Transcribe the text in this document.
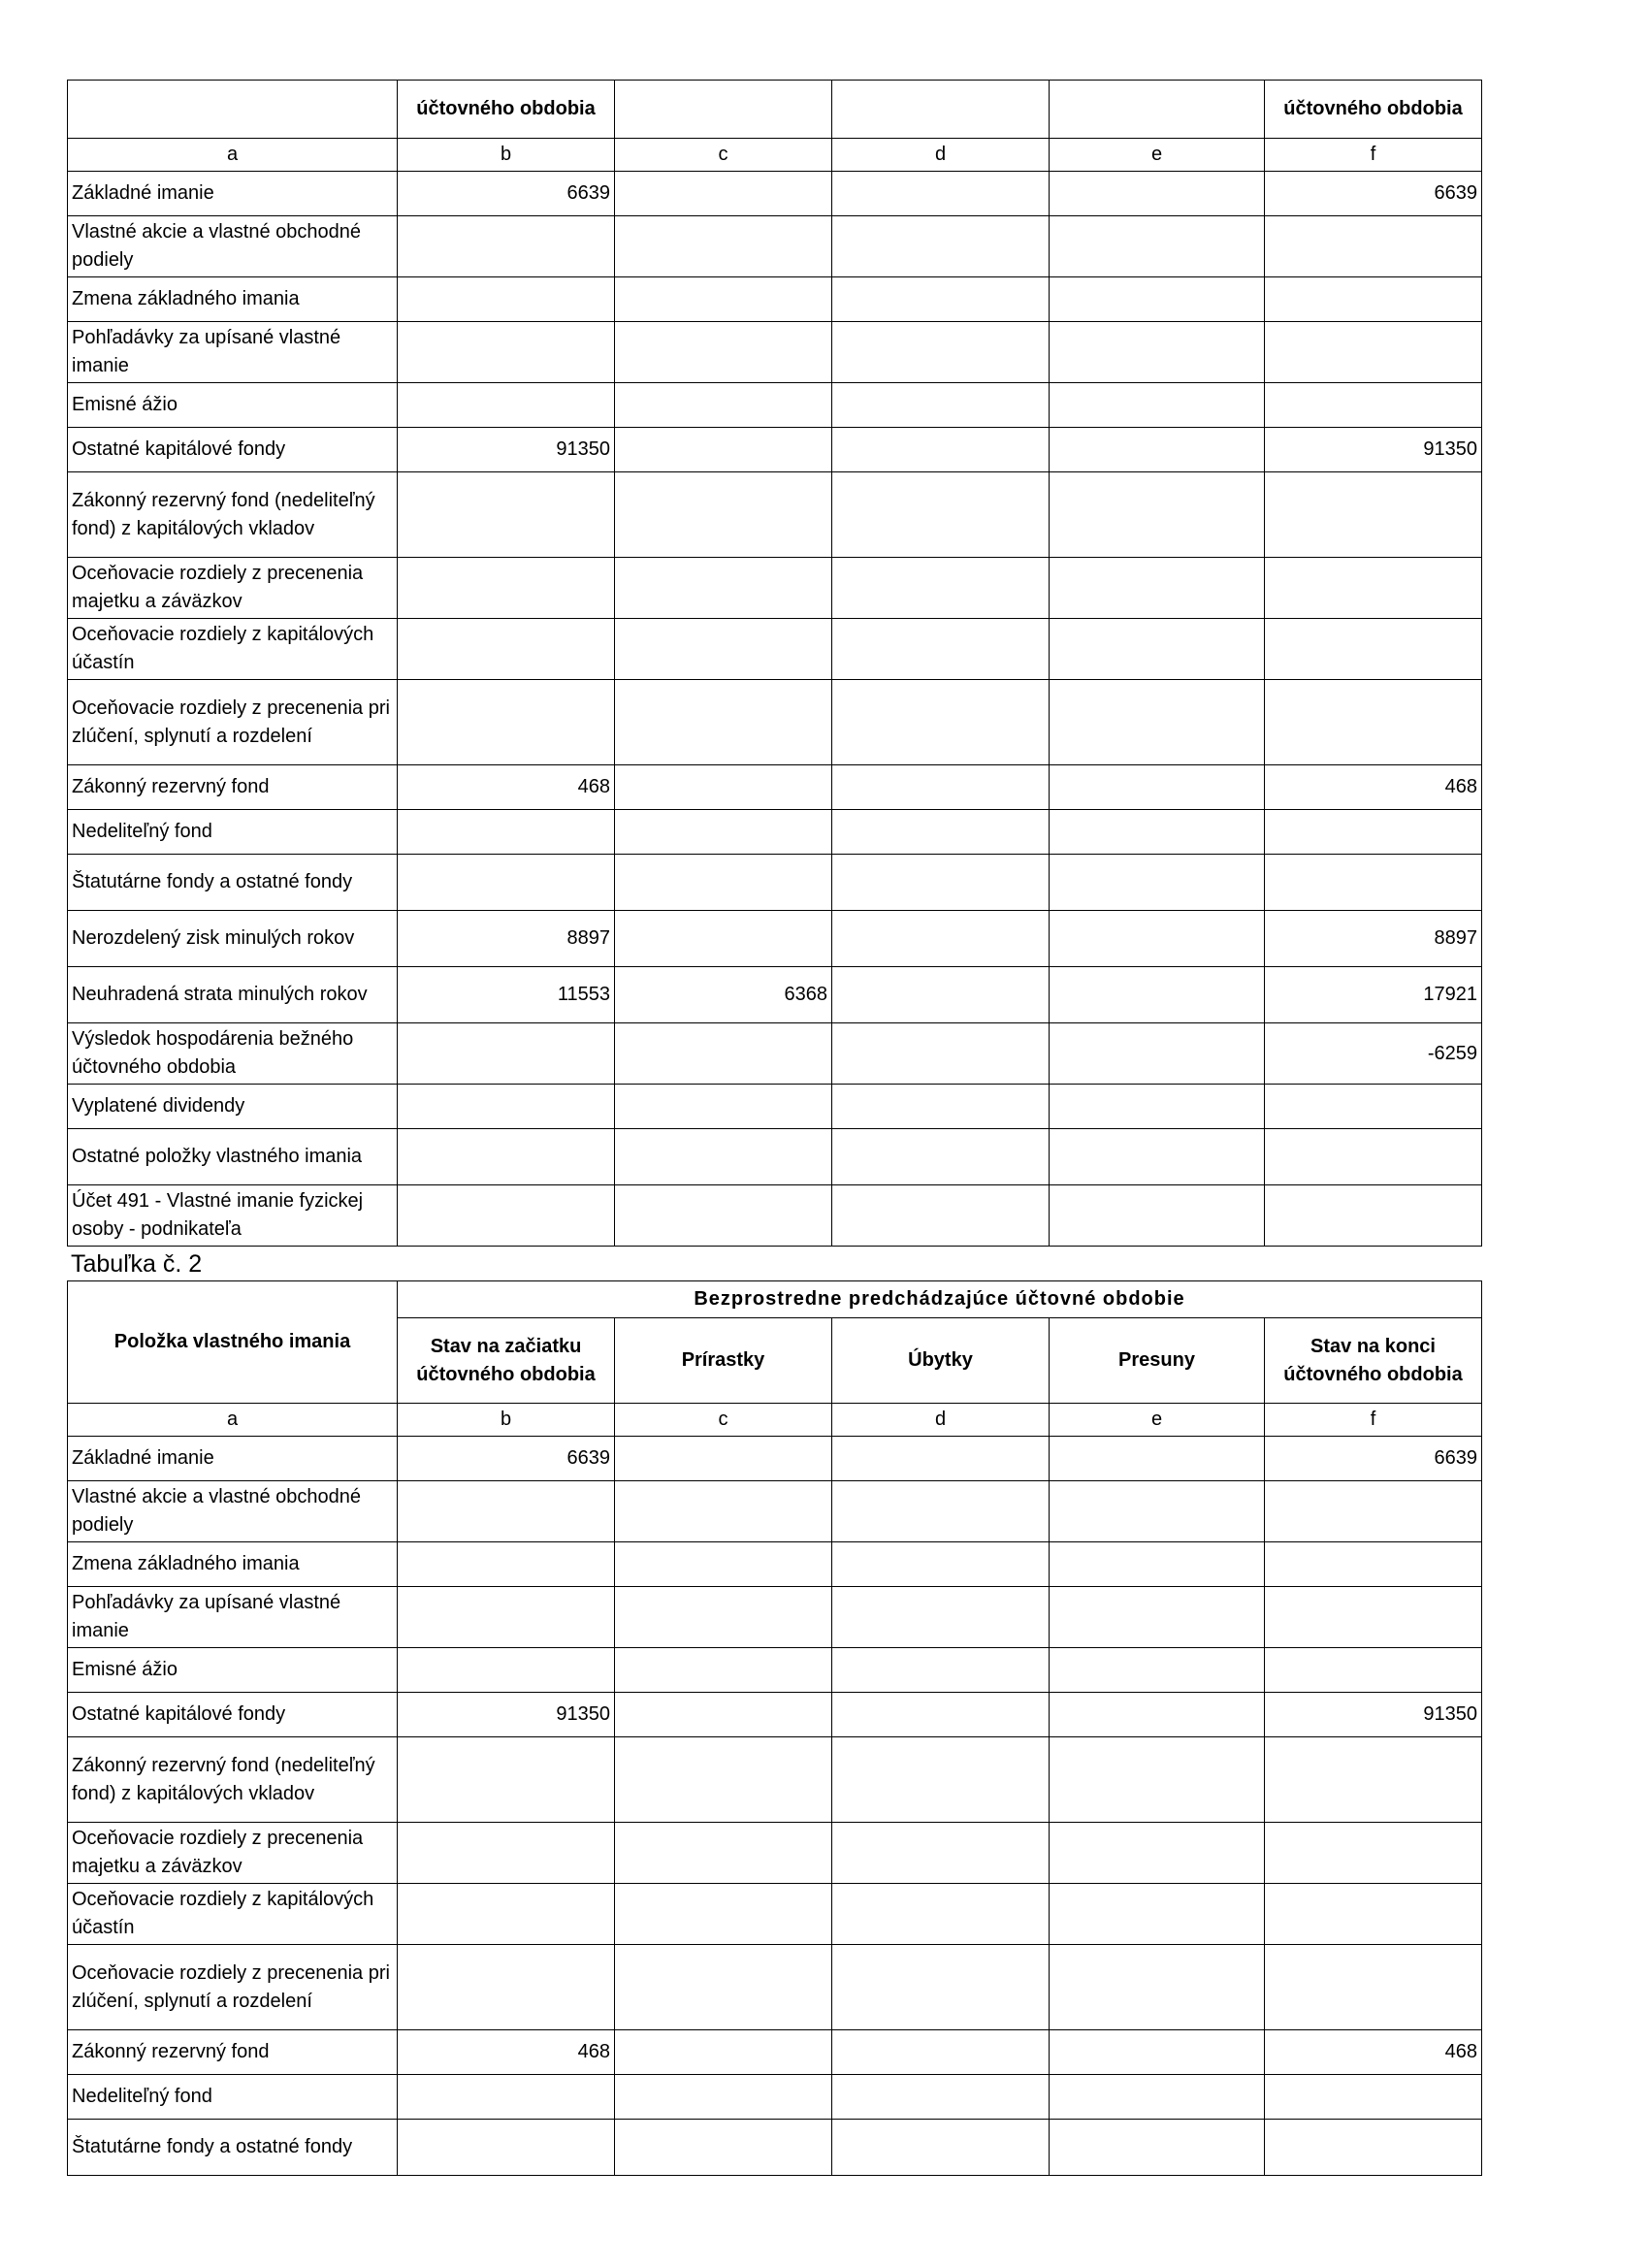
	účtovného obdobia				účtovného obdobia
a	b	c	d	e	f
Základné imanie	6639				6639
Vlastné akcie a vlastné obchodné podiely					
Zmena základného imania					
Pohľadávky za upísané vlastné imanie					
Emisné ážio					
Ostatné kapitálové fondy	91350				91350
Zákonný rezervný fond (nedeliteľný fond) z kapitálových vkladov					
Oceňovacie rozdiely z precenenia majetku a záväzkov					
Oceňovacie rozdiely z kapitálových účastín					
Oceňovacie rozdiely z precenenia pri zlúčení, splynutí a rozdelení					
Zákonný rezervný fond	468				468
Nedeliteľný fond					
Štatutárne fondy a ostatné fondy					
Nerozdelený zisk minulých rokov	8897				8897
Neuhradená strata minulých rokov	11553	6368			17921
Výsledok hospodárenia bežného účtovného obdobia					-6259
Vyplatené dividendy					
Ostatné položky vlastného imania					
Účet 491 - Vlastné imanie fyzickej osoby - podnikateľa					
Tabuľka č. 2
Položka vlastného imania	Bezprostredne predchádzajúce účtovné obdobie				
	Stav na začiatku účtovného obdobia	Prírastky	Úbytky	Presuny	Stav na konci účtovného obdobia
a	b	c	d	e	f
Základné imanie	6639				6639
Vlastné akcie a vlastné obchodné podiely					
Zmena základného imania					
Pohľadávky za upísané vlastné imanie					
Emisné ážio					
Ostatné kapitálové fondy	91350				91350
Zákonný rezervný fond (nedeliteľný fond) z kapitálových vkladov					
Oceňovacie rozdiely z precenenia majetku a záväzkov					
Oceňovacie rozdiely z kapitálových účastín					
Oceňovacie rozdiely z precenenia pri zlúčení, splynutí a rozdelení					
Zákonný rezervný fond	468				468
Nedeliteľný fond					
Štatutárne fondy a ostatné fondy					
